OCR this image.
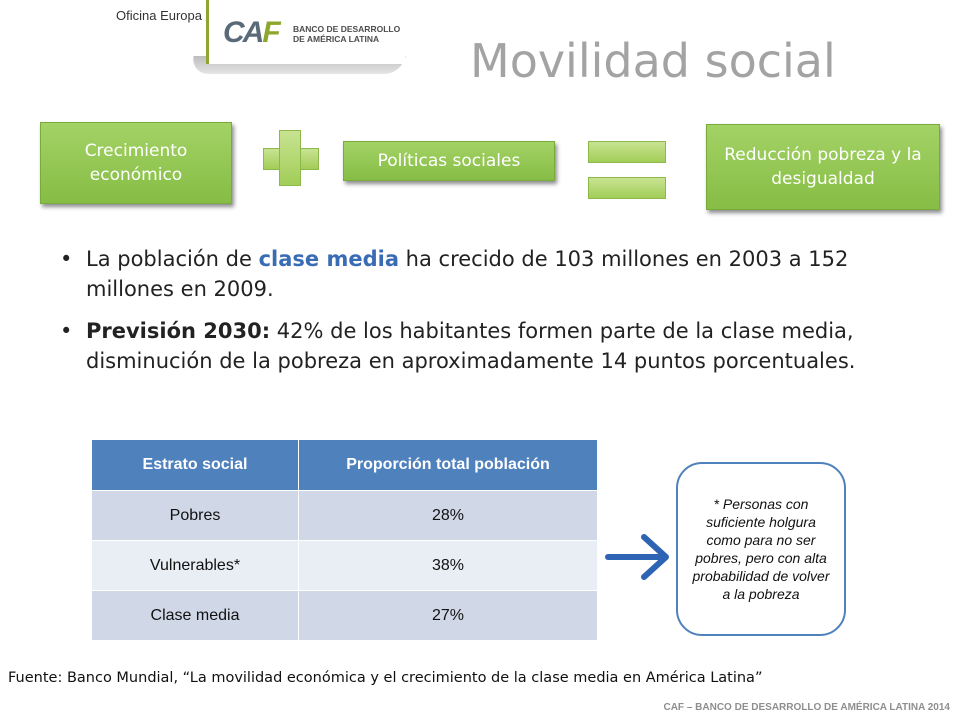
Oficina Europa
CAF BANCO DE DESARROLLO
DE AMÉRICA LATINA	Movilidad social
Crecimiento económico
Políticas sociales	Reducción pobreza y la desigualdad
• La población de clase media ha crecido de 103 millones en 2003 a 152 millones en 2009.
• Previsión 2030: 42% de los habitantes formen parte de la clase media, disminución de la pobreza en aproximadamente 14 puntos porcentuales.
Estrato social	Proporción total población
Pobres	28%
Vulnerables*	38%
Clase media	27%
* Personas con suficiente holgura como para no ser pobres, pero con alta probabilidad de volver a la pobreza
Fuente: Banco Mundial, “La movilidad económica y el crecimiento de la clase media en América Latina”
CAF – BANCO DE DESARROLLO DE AMÉRICA LATINA 2014
